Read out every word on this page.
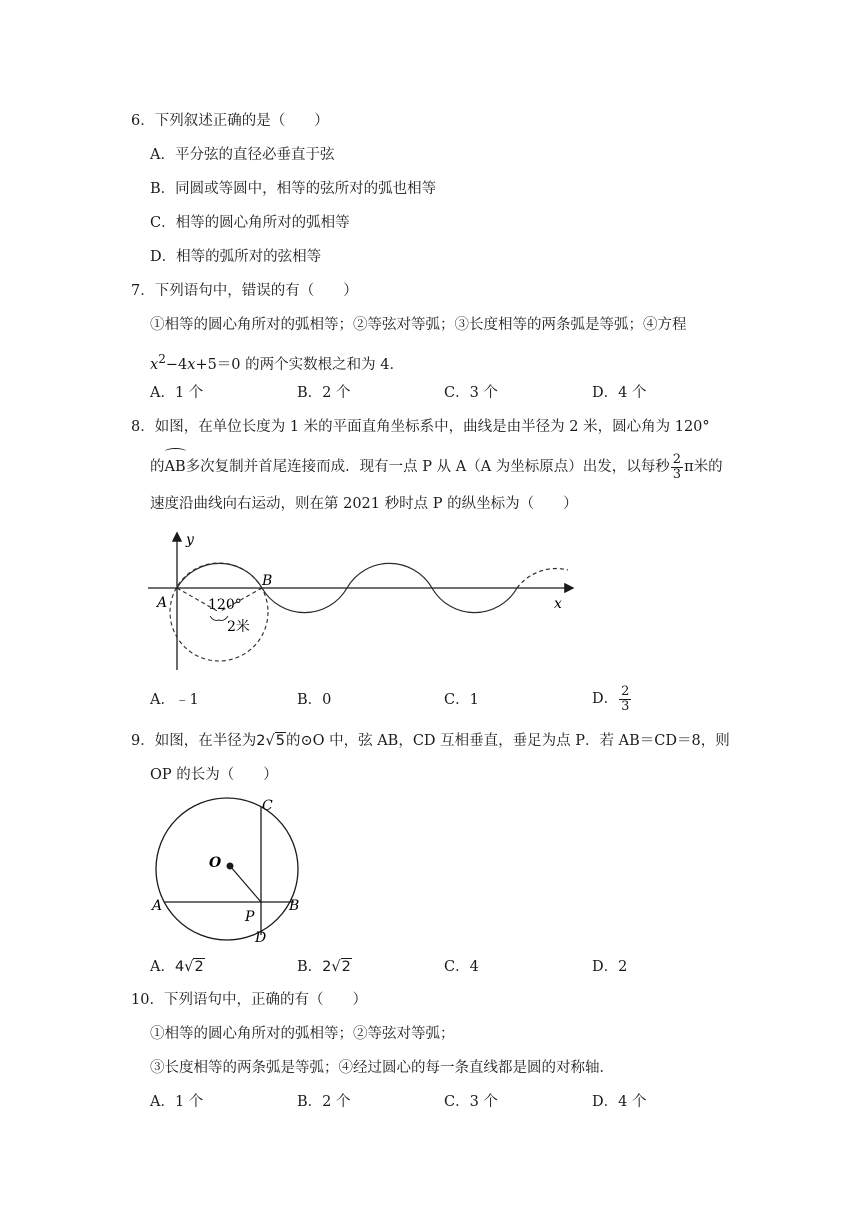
6．下列叙述正确的是（　　）
A．平分弦的直径必垂直于弦
B．同圆或等圆中，相等的弦所对的弧也相等
C．相等的圆心角所对的弧相等
D．相等的弧所对的弦相等
7．下列语句中，错误的有（　　）
①相等的圆心角所对的弧相等；②等弦对等弧；③长度相等的两条弧是等弧；④方程
$x^2-4x+5=0$ 的两个实数根之和为 4．
A．1 个	B．2 个	C．3 个	D．4 个
8．如图，在单位长度为 1 米的平面直角坐标系中，曲线是由半径为 2 米，圆心角为 120°
的AB多次复制并首尾连接而成．现有一点 P 从 A（A 为坐标原点）出发，以每秒 $\frac{2}{3}$ π米的
速度沿曲线向右运动，则在第 2021 秒时点 P 的纵坐标为（　　）
y
x
A
B
120°
2米
A．﹣1	B．0	C．1	D． $\frac{2}{3}$
9．如图，在半径为2√5的⊙O 中，弦 AB，CD 互相垂直，垂足为点 P．若 AB＝CD＝8，则
OP 的长为（　　）
O
A	B
C
D
P
A．4√2	B．2√2	C．4	D．2
10．下列语句中，正确的有（　　）
①相等的圆心角所对的弧相等；②等弦对等弧；
③长度相等的两条弧是等弧；④经过圆心的每一条直线都是圆的对称轴．
A．1 个	B．2 个	C．3 个	D．4 个
